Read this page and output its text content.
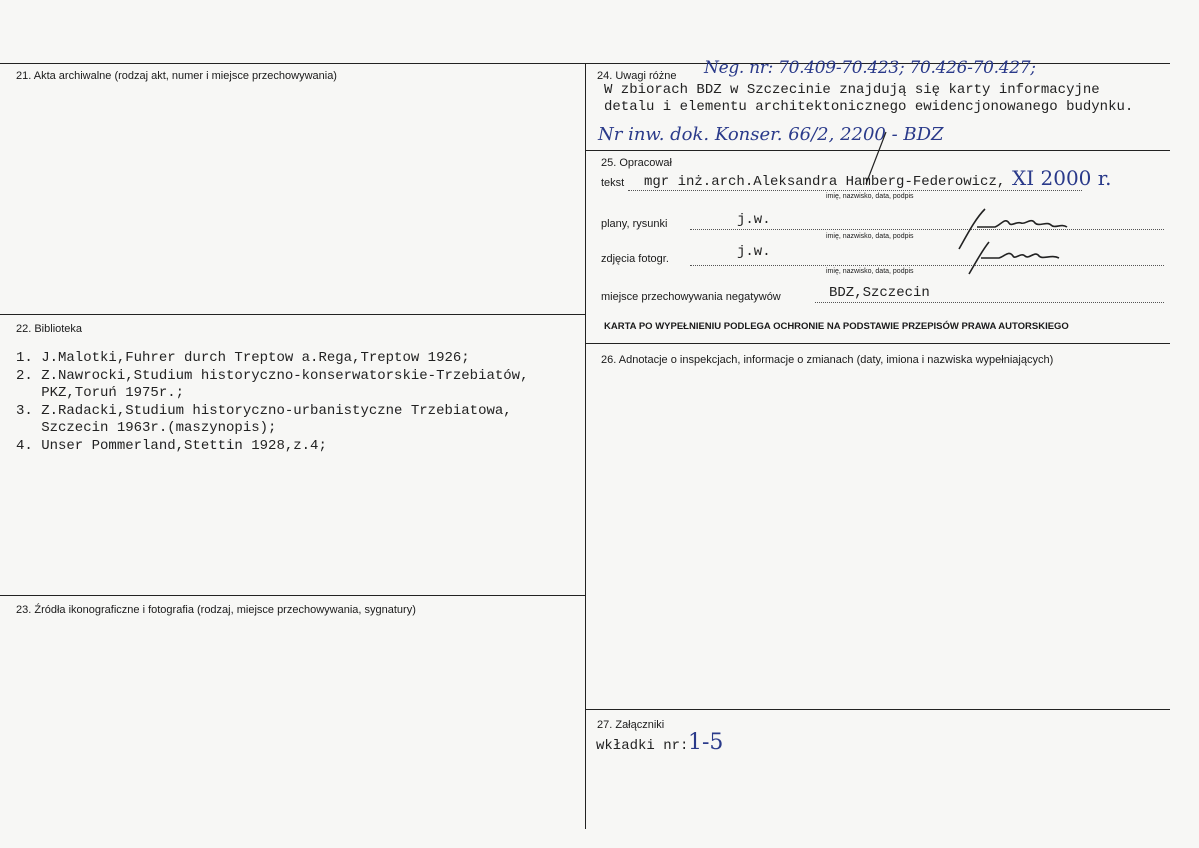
21. Akta archiwalne (rodzaj akt, numer i miejsce przechowywania)
22. Biblioteka
1. J.Malotki,Fuhrer durch Treptow a.Rega,Treptow 1926;
2. Z.Nawrocki,Studium historyczno-konserwatorskie-Trzebiatów,
PKZ,Toruń 1975r.;
3. Z.Radacki,Studium historyczno-urbanistyczne Trzebiatowa,
Szczecin 1963r.(maszynopis);
4. Unser Pommerland,Stettin 1928,z.4;
23. Źródła ikonograficzne i fotografia (rodzaj, miejsce przechowywania, sygnatury)
24. Uwagi różne Neg. nr: 70.409-70.423; 70.426-70.427;
W zbiorach BDZ w Szczecinie znajdują się karty informacyjne
detalu i elementu architektonicznego ewidencjonowanego budynku.
Nr inw. dok. Konser. 66/2, 2200 - BDZ
25. Opracował
tekst mgr inż.arch.Aleksandra Hamberg-Federowicz, XI 2000 r.
imię, nazwisko, data, podpis
plany, rysunki	j.w.
imię, nazwisko, data, podpis
zdjęcia fotogr.	j.w.
imię, nazwisko, data, podpis
miejsce przechowywania negatywów	BDZ,Szczecin
KARTA PO WYPEŁNIENIU PODLEGA OCHRONIE NA PODSTAWIE PRZEPISÓW PRAWA AUTORSKIEGO
26. Adnotacje o inspekcjach, informacje o zmianach (daty, imiona i nazwiska wypełniających)
27. Załączniki
wkładki nr: 1-5
